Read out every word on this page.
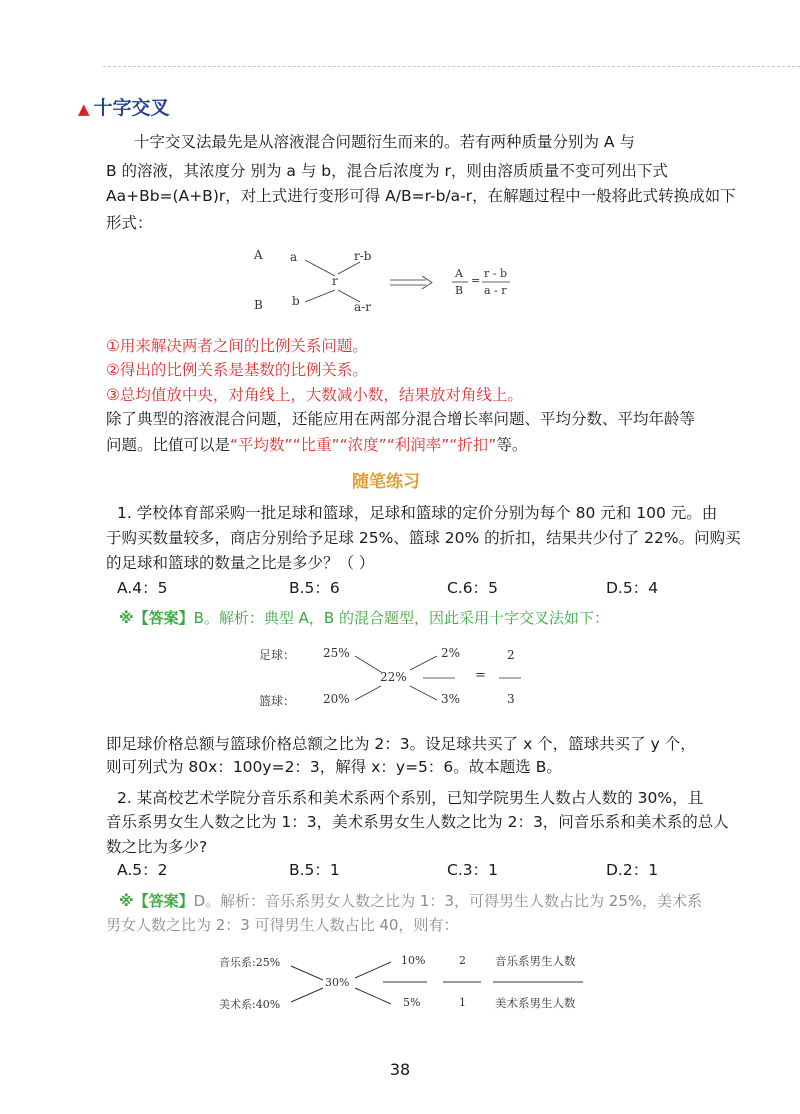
▲ 十字交叉
十字交叉法最先是从溶液混合问题衍生而来的。若有两种质量分别为 A 与
B 的溶液，其浓度分 别为 a 与 b，混合后浓度为 r，则由溶质质量不变可列出下式
Aa+Bb=(A+B)r，对上式进行变形可得 A/B=r-b/a-r，在解题过程中一般将此式转换成如下
形式：
A
B
a
b
r
r-b
a-r
A
B
=
r - b
a - r
①用来解决两者之间的比例关系问题。
②得出的比例关系是基数的比例关系。
③总均值放中央，对角线上，大数减小数，结果放对角线上。
除了典型的溶液混合问题，还能应用在两部分混合增长率问题、平均分数、平均年龄等
问题。比值可以是“平均数”“比重”“浓度”“利润率”“折扣”等。
随笔练习
1. 学校体育部采购一批足球和篮球，足球和篮球的定价分别为每个 80 元和 100 元。由
于购买数量较多，商店分别给予足球 25%、篮球 20% 的折扣，结果共少付了 22%。问购买
的足球和篮球的数量之比是多少？（ ）
A.4：5	B.5：6	C.6：5	D.5：4
※【答案】B。解析：典型 A，B 的混合题型，因此采用十字交叉法如下：
足球： 25%
篮球： 20%
22%
2%
3%
=
2
3
即足球价格总额与篮球价格总额之比为 2：3。设足球共买了 x 个，篮球共买了 y 个，
则可列式为 80x：100y=2：3，解得 x：y=5：6。故本题选 B。
2. 某高校艺术学院分音乐系和美术系两个系别，已知学院男生人数占人数的 30%，且
音乐系男女生人数之比为 1：3，美术系男女生人数之比为 2：3，问音乐系和美术系的总人
数之比为多少?
A.5：2	B.5：1	C.3：1	D.2：1
※【答案】D。解析：音乐系男女人数之比为 1：3，可得男生人数占比为 25%，美术系
男女人数之比为 2：3 可得男生人数占比 40，则有：
音乐系:25%
美术系:40%
30%
10%
5%
2
1
音乐系男生人数
美术系男生人数
38
